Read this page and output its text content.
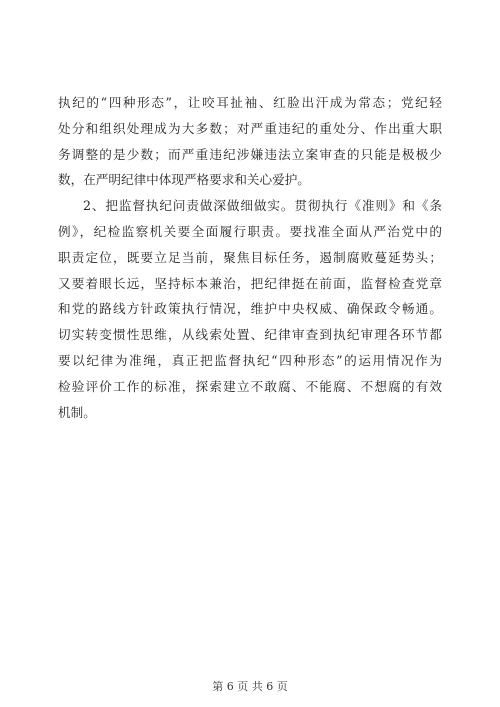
执纪的“四种形态”，让咬耳扯袖、红脸出汗成为常态；党纪轻
处分和组织处理成为大多数；对严重违纪的重处分、作出重大职
务调整的是少数；而严重违纪涉嫌违法立案审查的只能是极极少
数，在严明纪律中体现严格要求和关心爱护。
2、把监督执纪问责做深做细做实。贯彻执行《准则》和《条
例》，纪检监察机关要全面履行职责。要找准全面从严治党中的
职责定位，既要立足当前，聚焦目标任务，遏制腐败蔓延势头；
又要着眼长远，坚持标本兼治，把纪律挺在前面，监督检查党章
和党的路线方针政策执行情况，维护中央权威、确保政令畅通。
切实转变惯性思维，从线索处置、纪律审查到执纪审理各环节都
要以纪律为准绳，真正把监督执纪“四种形态”的运用情况作为
检验评价工作的标准，探索建立不敢腐、不能腐、不想腐的有效
机制。
第 6 页 共 6 页
